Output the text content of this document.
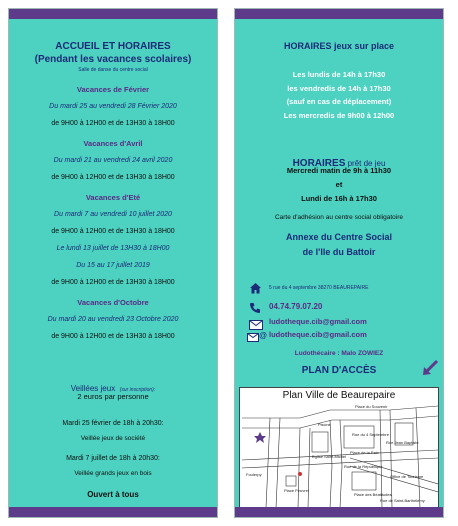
ACCUEIL ET HORAIRES
(Pendant les vacances scolaires)
Salle de danse du centre social
Vacances de Février
Du mardi 25 au vendredi 28 Février 2020
de 9H00 à 12H00 et de 13H30 à 18H00
Vacances d'Avril
Du mardi 21 au vendredi 24 avril 2020
de 9H00 à 12H00 et de 13H30 à 18H00
Vacances d'Eté
Du mardi 7 au vendredi 10 juillet 2020
de 9H00 à 12H00 et de 13H30 à 18H00
Le lundi 13 juillet de 13H30 à 18H00
Du 15 au 17 juillet 2019
de 9H00 à 12H00 et de 13H30 à 18H00
Vacances d'Octobre
Du mardi 20 au vendredi 23 Octobre 2020
de 9H00 à 12H00 et de 13H30 à 18H00
Veillées jeux (sur inscription):
2 euros par personne
Mardi 25 février de 18h à 20h30:
Veillée jeux de société
Mardi 7 juillet de 18h à 20h30:
Veillée grands jeux en bois
Ouvert à tous
HORAIRES jeux sur place
Les lundis de 14h à 17h30
les vendredis de 14h à 17h30
(sauf en cas de déplacement)
Les mercredis de 9h00 à 12h00
HORAIRES prêt de jeu
Mercredi matin de 9h à 11h30
et
Lundi de 16h à 17h30
Carte d'adhésion au centre social obligatoire
Annexe du Centre Social
de l'Ile du Battoir
5 rue du 4 septembre 38270 BEAUREPAIRE
04.74.79.07.20
ludotheque.cib@gmail.com
@ ludotheque.cib@gmail.com
Ludothécaire : Malo ZOWIEZ
PLAN D'ACCÈS
Plan Ville de Beaurepaire
Place du Souvenir
Piscine
Rue du 4 Septembre
Foulerpy
Eglise Saint-Michel
Place de la Paix
Rue Jean Baptiste
Rue de la République
Place Peuvret
Place des Béatitudes
Office de Tourisme
Rue de Saint-Barthélémy
